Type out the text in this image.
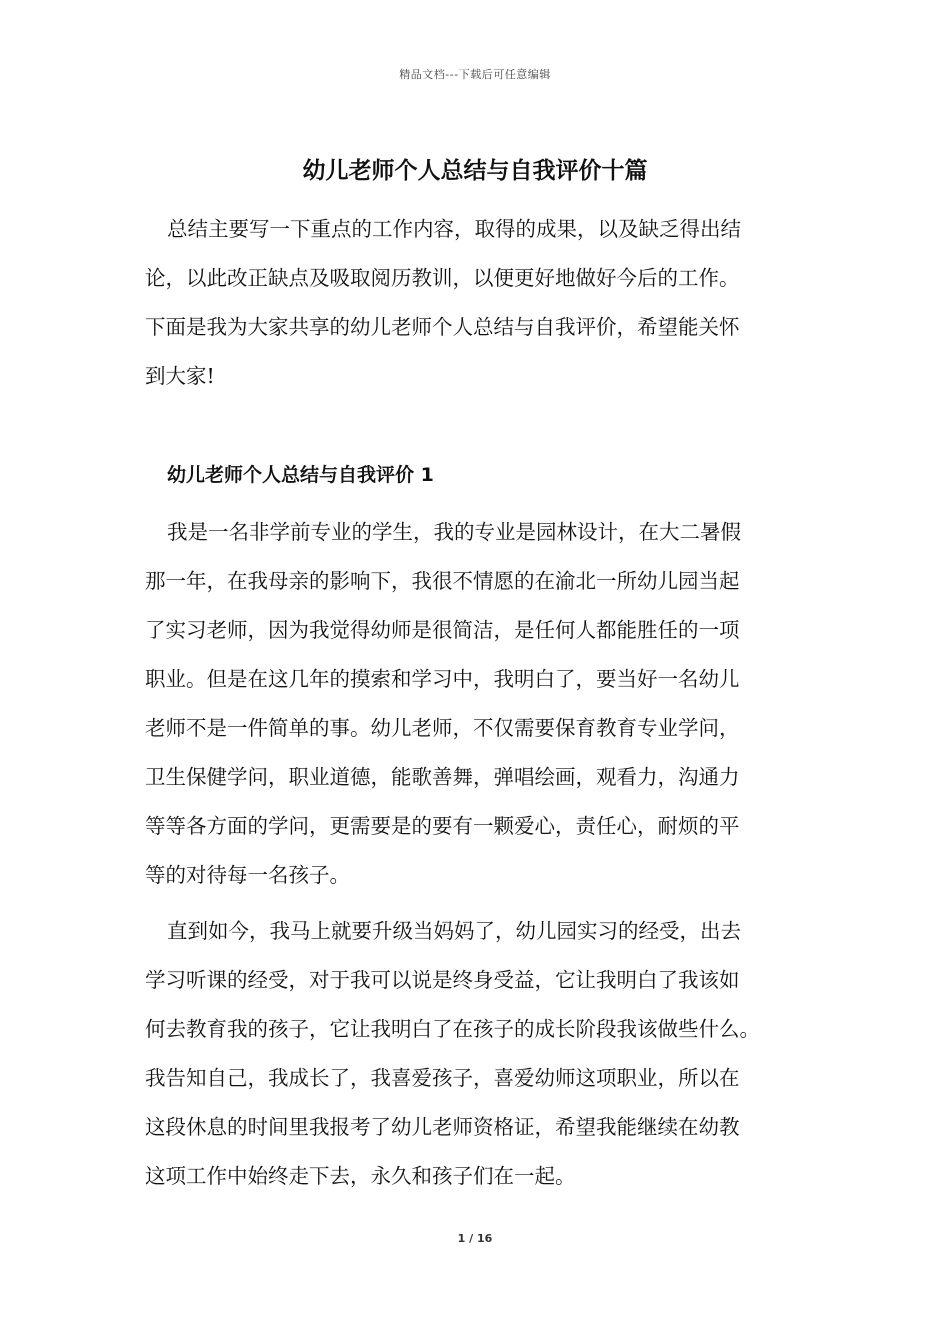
精品文档---下载后可任意编辑
幼儿老师个人总结与自我评价十篇
总结主要写一下重点的工作内容，取得的成果，以及缺乏得出结
论，以此改正缺点及吸取阅历教训，以便更好地做好今后的工作。
下面是我为大家共享的幼儿老师个人总结与自我评价，希望能关怀
到大家!
幼儿老师个人总结与自我评价 1
我是一名非学前专业的学生，我的专业是园林设计，在大二暑假
那一年，在我母亲的影响下，我很不情愿的在渝北一所幼儿园当起
了实习老师，因为我觉得幼师是很简洁，是任何人都能胜任的一项
职业。但是在这几年的摸索和学习中，我明白了，要当好一名幼儿
老师不是一件简单的事。幼儿老师，不仅需要保育教育专业学问，
卫生保健学问，职业道德，能歌善舞，弹唱绘画，观看力，沟通力
等等各方面的学问，更需要是的要有一颗爱心，责任心，耐烦的平
等的对待每一名孩子。
直到如今，我马上就要升级当妈妈了，幼儿园实习的经受，出去
学习听课的经受，对于我可以说是终身受益，它让我明白了我该如
何去教育我的孩子，它让我明白了在孩子的成长阶段我该做些什么。
我告知自己，我成长了，我喜爱孩子，喜爱幼师这项职业，所以在
这段休息的时间里我报考了幼儿老师资格证，希望我能继续在幼教
这项工作中始终走下去，永久和孩子们在一起。
1 / 16
